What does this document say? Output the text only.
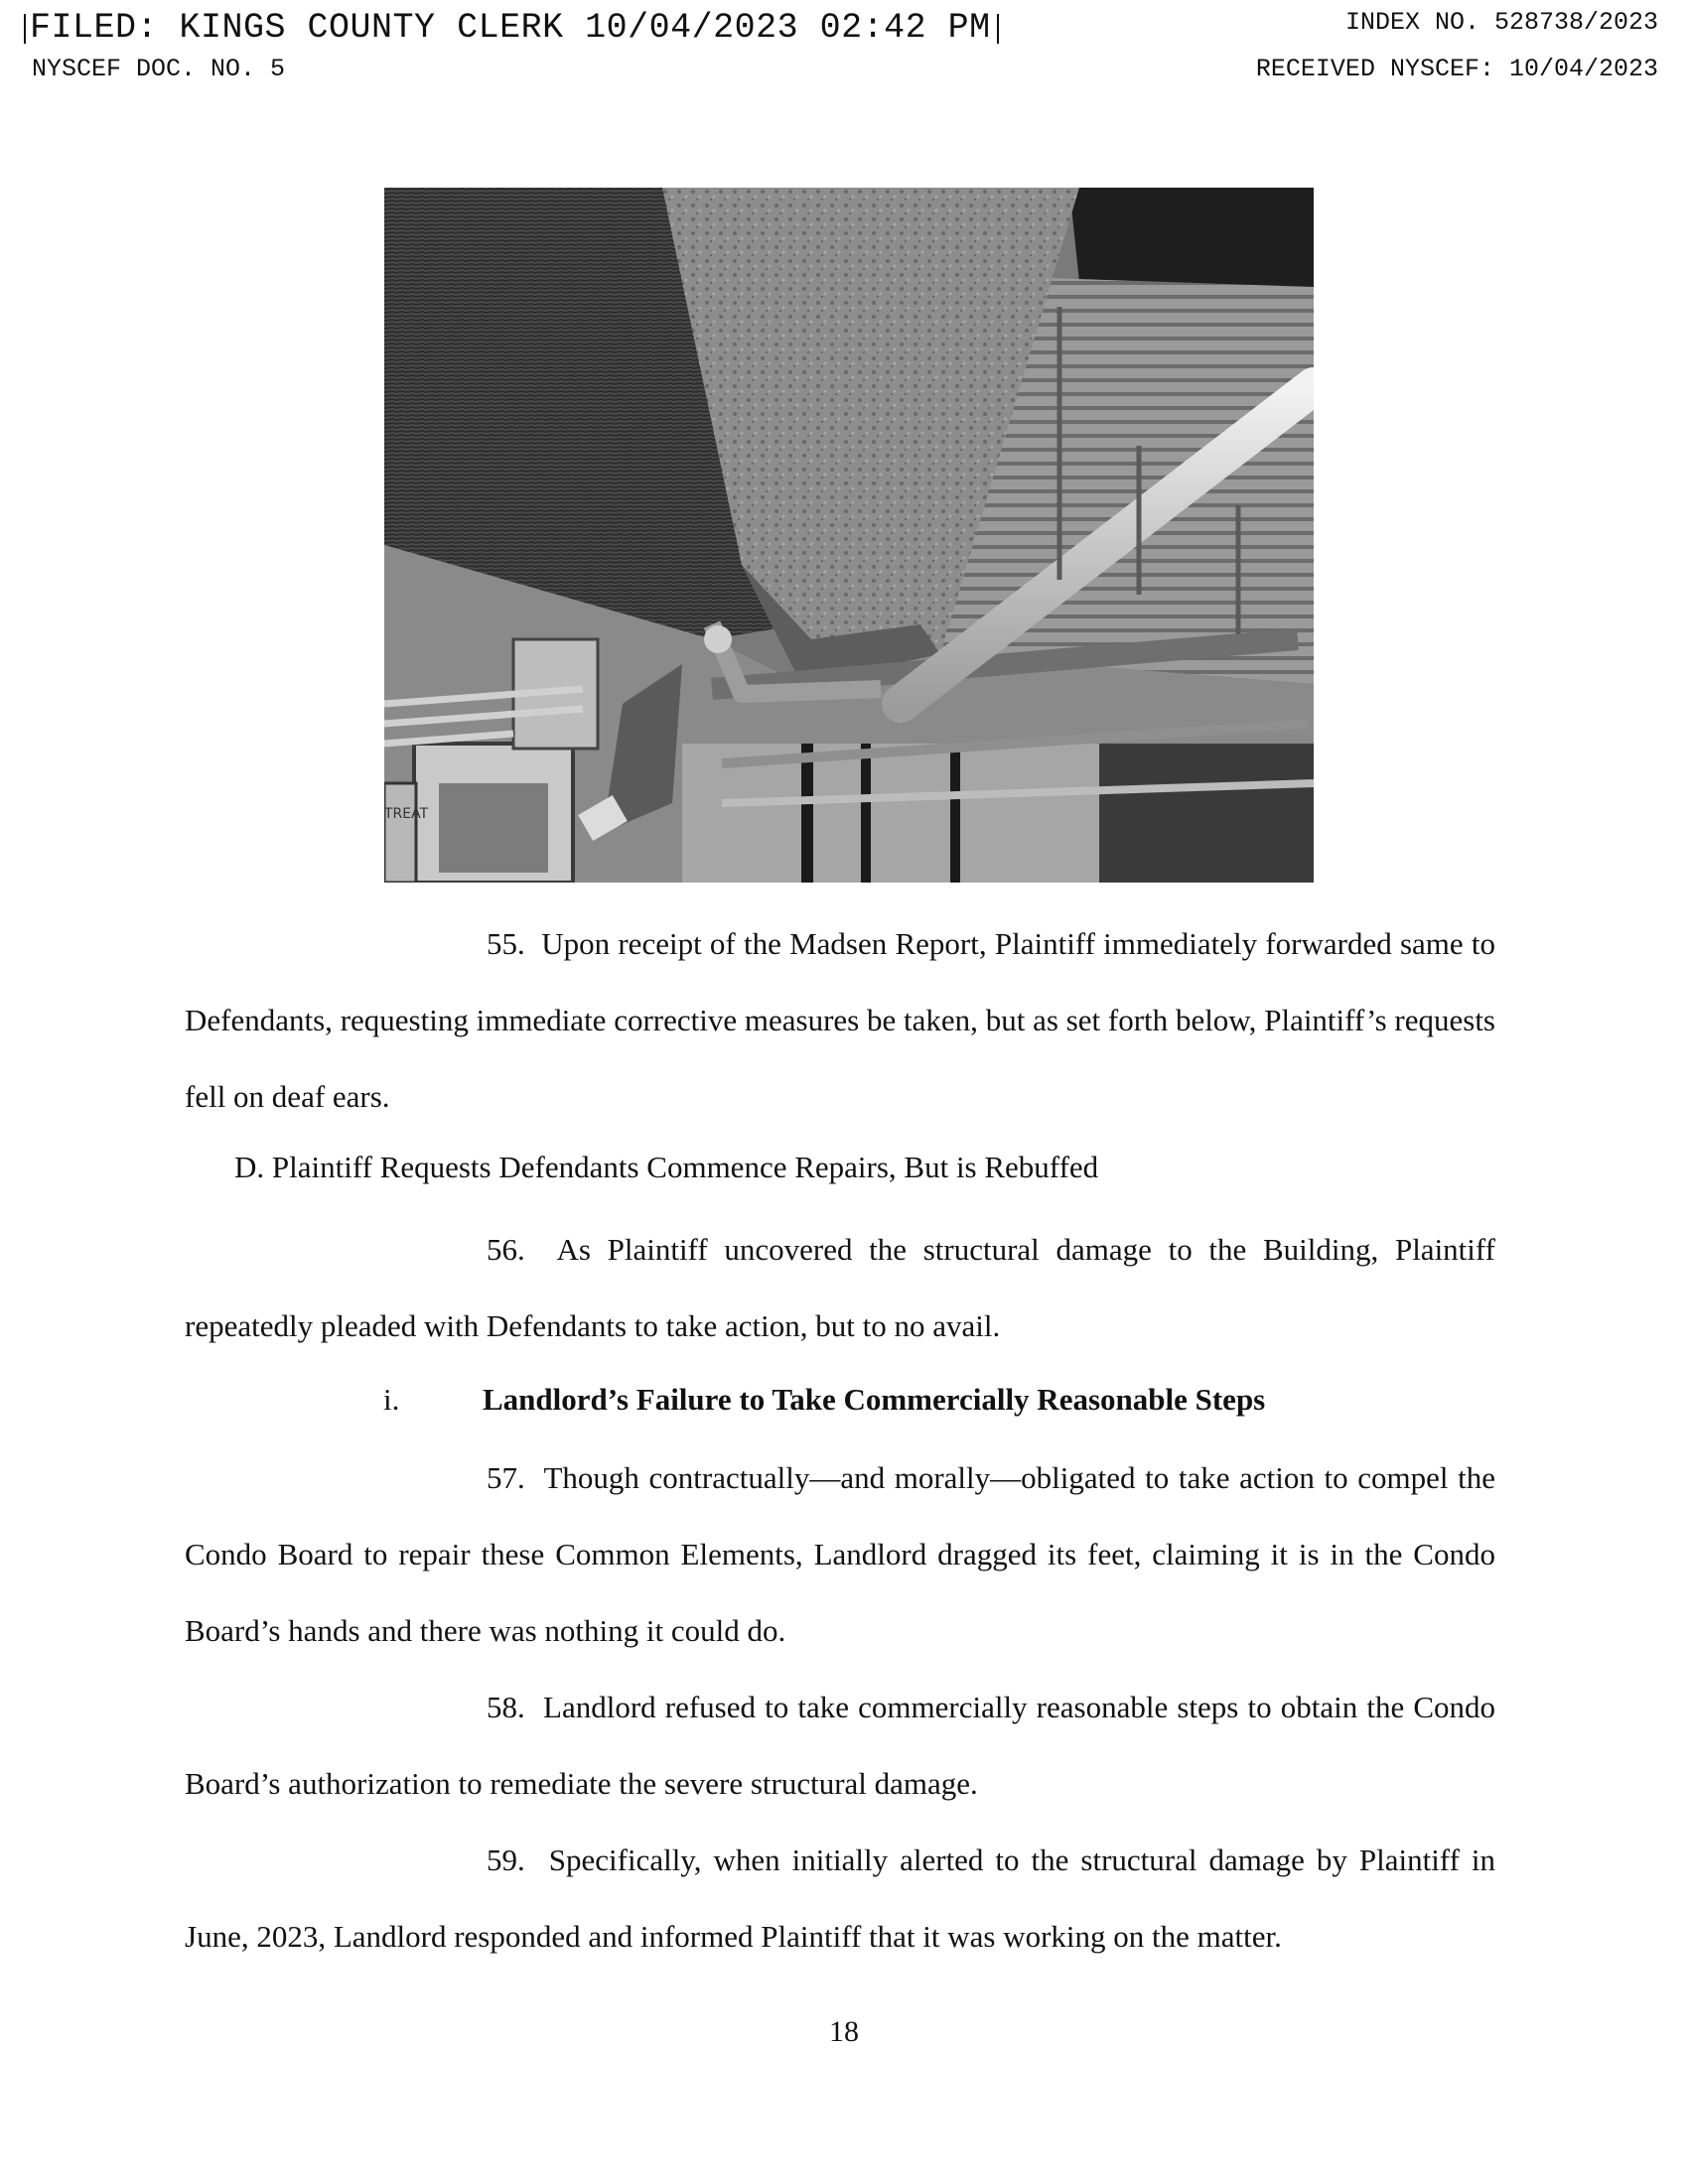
FILED: KINGS COUNTY CLERK 10/04/2023 02:42 PM	INDEX NO. 528738/2023
NYSCEF DOC. NO. 5	RECEIVED NYSCEF: 10/04/2023
TREAT
55. Upon receipt of the Madsen Report, Plaintiff immediately forwarded same to Defendants, requesting immediate corrective measures be taken, but as set forth below, Plaintiff’s requests fell on deaf ears.
D. Plaintiff Requests Defendants Commence Repairs, But is Rebuffed
56. As Plaintiff uncovered the structural damage to the Building, Plaintiff repeatedly pleaded with Defendants to take action, but to no avail.
i.	Landlord’s Failure to Take Commercially Reasonable Steps
57. Though contractually—and morally—obligated to take action to compel the Condo Board to repair these Common Elements, Landlord dragged its feet, claiming it is in the Condo Board’s hands and there was nothing it could do.
58. Landlord refused to take commercially reasonable steps to obtain the Condo Board’s authorization to remediate the severe structural damage.
59. Specifically, when initially alerted to the structural damage by Plaintiff in June, 2023, Landlord responded and informed Plaintiff that it was working on the matter.
18
